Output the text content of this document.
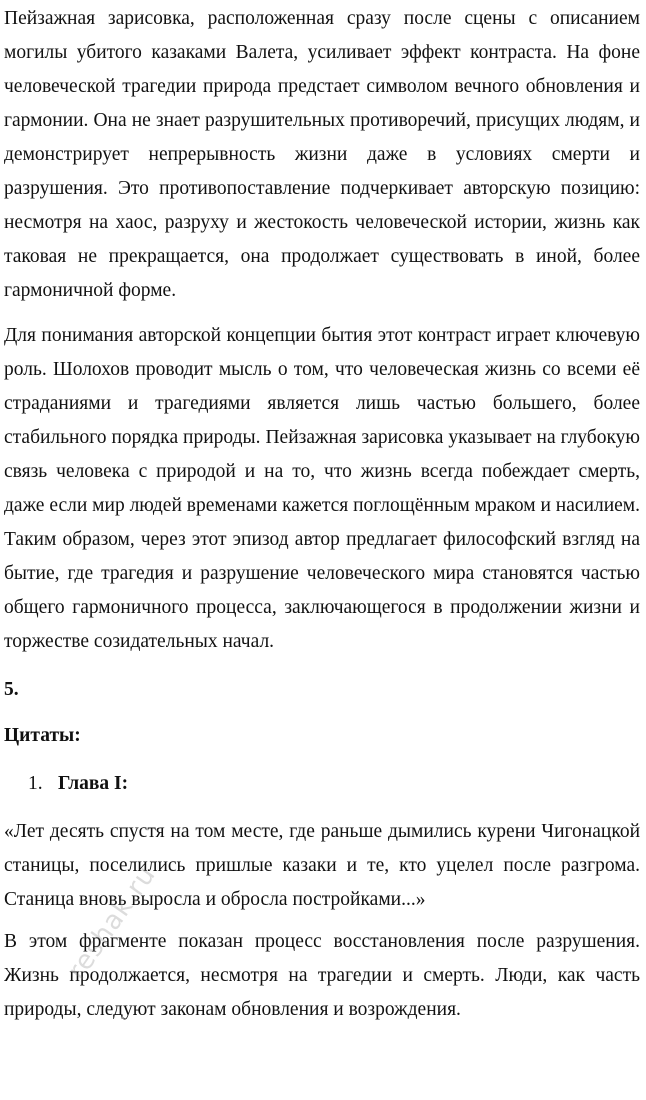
Пейзажная зарисовка, расположенная сразу после сцены с описанием могилы убитого казаками Валета, усиливает эффект контраста. На фоне человеческой трагедии природа предстает символом вечного обновления и гармонии. Она не знает разрушительных противоречий, присущих людям, и демонстрирует непрерывность жизни даже в условиях смерти и разрушения. Это противопоставление подчеркивает авторскую позицию: несмотря на хаос, разруху и жестокость человеческой истории, жизнь как таковая не прекращается, она продолжает существовать в иной, более гармоничной форме.

Для понимания авторской концепции бытия этот контраст играет ключевую роль. Шолохов проводит мысль о том, что человеческая жизнь со всеми её страданиями и трагедиями является лишь частью большего, более стабильного порядка природы. Пейзажная зарисовка указывает на глубокую связь человека с природой и на то, что жизнь всегда побеждает смерть, даже если мир людей временами кажется поглощённым мраком и насилием. Таким образом, через этот эпизод автор предлагает философский взгляд на бытие, где трагедия и разрушение человеческого мира становятся частью общего гармоничного процесса, заключающегося в продолжении жизни и торжестве созидательных начал.

5.
Цитаты:
1. Глава I:

«Лет десять спустя на том месте, где раньше дымились курени Чигонацкой станицы, поселились пришлые казаки и те, кто уцелел после разгрома. Станица вновь выросла и обросла постройками...»

В этом фрагменте показан процесс восстановления после разрушения. Жизнь продолжается, несмотря на трагедии и смерть. Люди, как часть природы, следуют законам обновления и возрождения.

reshak.ru
